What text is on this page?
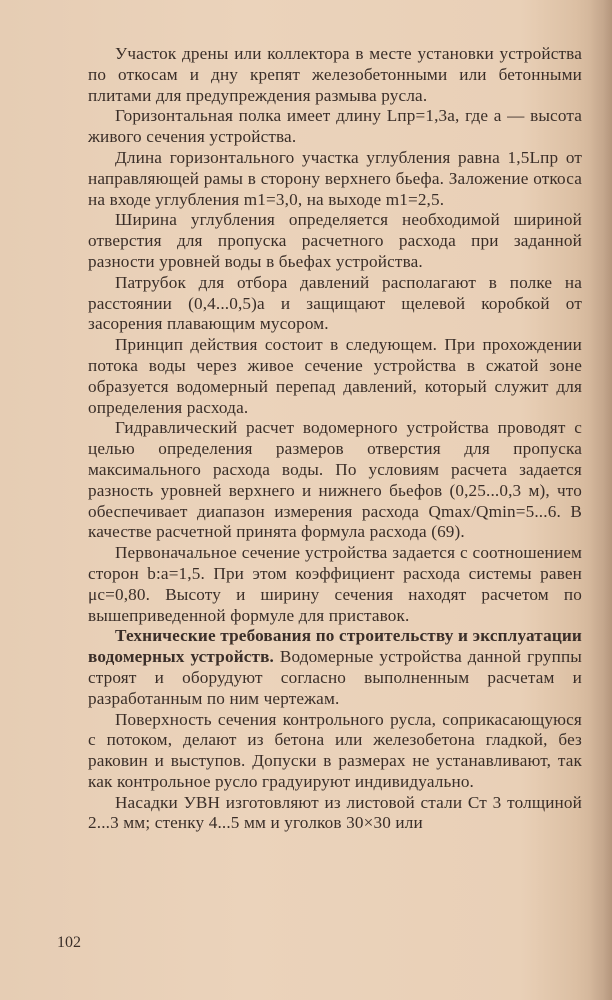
Участок дрены или коллектора в месте установки устройства по откосам и дну крепят железобетонными или бетонными плитами для предупреждения размыва русла.

Горизонтальная полка имеет длину Lпр=1,3a, где a — высота живого сечения устройства.

Длина горизонтального участка углубления равна 1,5Lпр от направляющей рамы в сторону верхнего бьефа. Заложение откоса на входе углубления m1=3,0, на выходе m1=2,5.

Ширина углубления определяется необходимой шириной отверстия для пропуска расчетного расхода при заданной разности уровней воды в бьефах устройства.

Патрубок для отбора давлений располагают в полке на расстоянии (0,4...0,5)a и защищают щелевой коробкой от засорения плавающим мусором.

Принцип действия состоит в следующем. При прохождении потока воды через живое сечение устройства в сжатой зоне образуется водомерный перепад давлений, который служит для определения расхода.

Гидравлический расчет водомерного устройства проводят с целью определения размеров отверстия для пропуска максимального расхода воды. По условиям расчета задается разность уровней верхнего и нижнего бьефов (0,25...0,3 м), что обеспечивает диапазон измерения расхода Qmax/Qmin=5...6. В качестве расчетной принята формула расхода (69).

Первоначальное сечение устройства задается с соотношением сторон b:a=1,5. При этом коэффициент расхода системы равен μc=0,80. Высоту и ширину сечения находят расчетом по вышеприведенной формуле для приставок.

Технические требования по строительству и эксплуатации водомерных устройств. Водомерные устройства данной группы строят и оборудуют согласно выполненным расчетам и разработанным по ним чертежам.

Поверхность сечения контрольного русла, соприкасающуюся с потоком, делают из бетона или железобетона гладкой, без раковин и выступов. Допуски в размерах не устанавливают, так как контрольное русло градуируют индивидуально.

Насадки УВН изготовляют из листовой стали Ст 3 толщиной 2...3 мм; стенку 4...5 мм и уголков 30×30 или

102
